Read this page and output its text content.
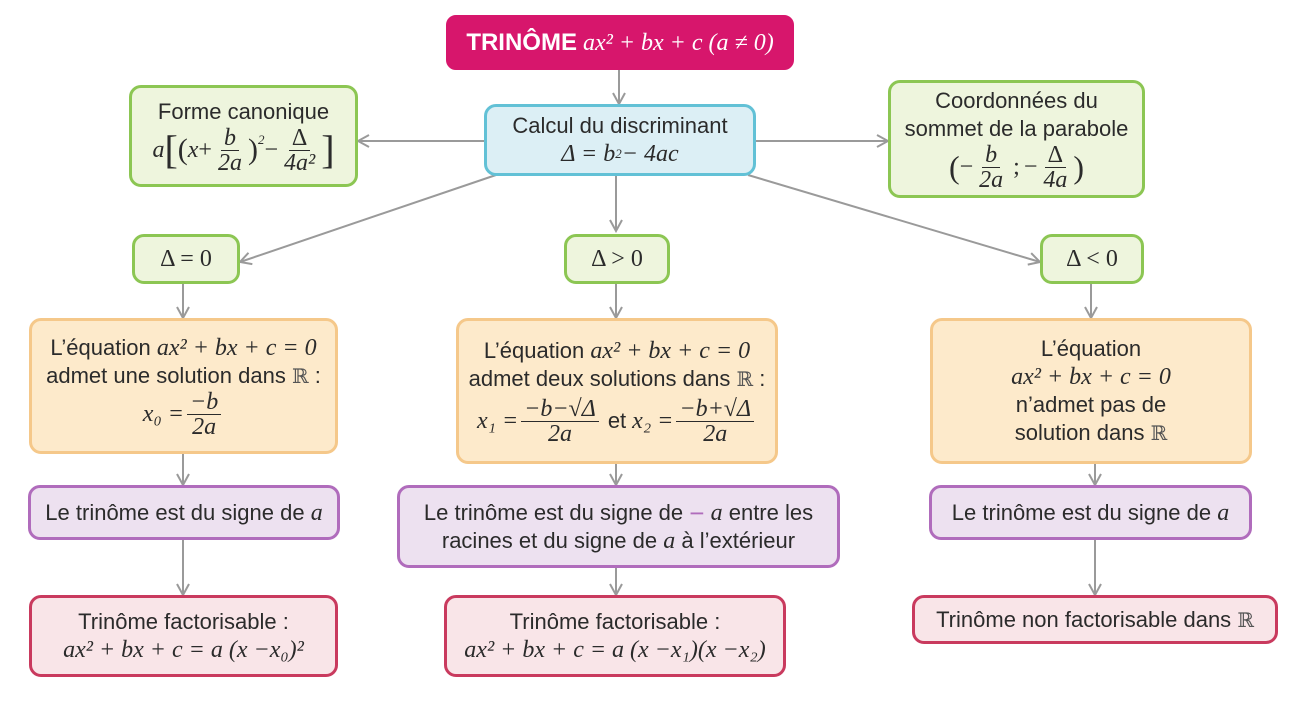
TRINÔME ax² + bx + c (a ≠ 0)
Calcul du discriminant
Δ = b 2 − 4ac
Forme canonique
a [ ( $x + \frac{b}{2a} )^2 - \frac{\Delta}{\text{4a²}}$ ]
Coordonnées du
sommet de la parabole
( − $\frac{b}{2a}$ ; − $\frac{\Delta}{4a}$ )
Δ = 0	Δ > 0	Δ < 0
L’équation
ax² + bx + c = 0
admet une solution dans
ℝ
:
$x_0 = \frac{-b}{2a}$
L’équation
ax² + bx + c = 0
admet deux solutions dans
ℝ
:
$x_1 = \frac{-b-√\Delta}{2a}$ et $x_2 = \frac{-b+√\Delta}{2a}$
L’équation
ax² + bx + c = 0
n’admet pas de
solution dans
ℝ
Le trinôme est du signe de
a	Le trinôme est du signe de
−
a
entre les
racines et du signe de
a
à l’extérieur
Le trinôme est du signe de
a
Trinôme factorisable :
ax² + bx + c = a (x −x₀)²
Trinôme factorisable :
ax² + bx + c = a (x −x₁)(x −x₂)
Trinôme non factorisable dans
ℝ
